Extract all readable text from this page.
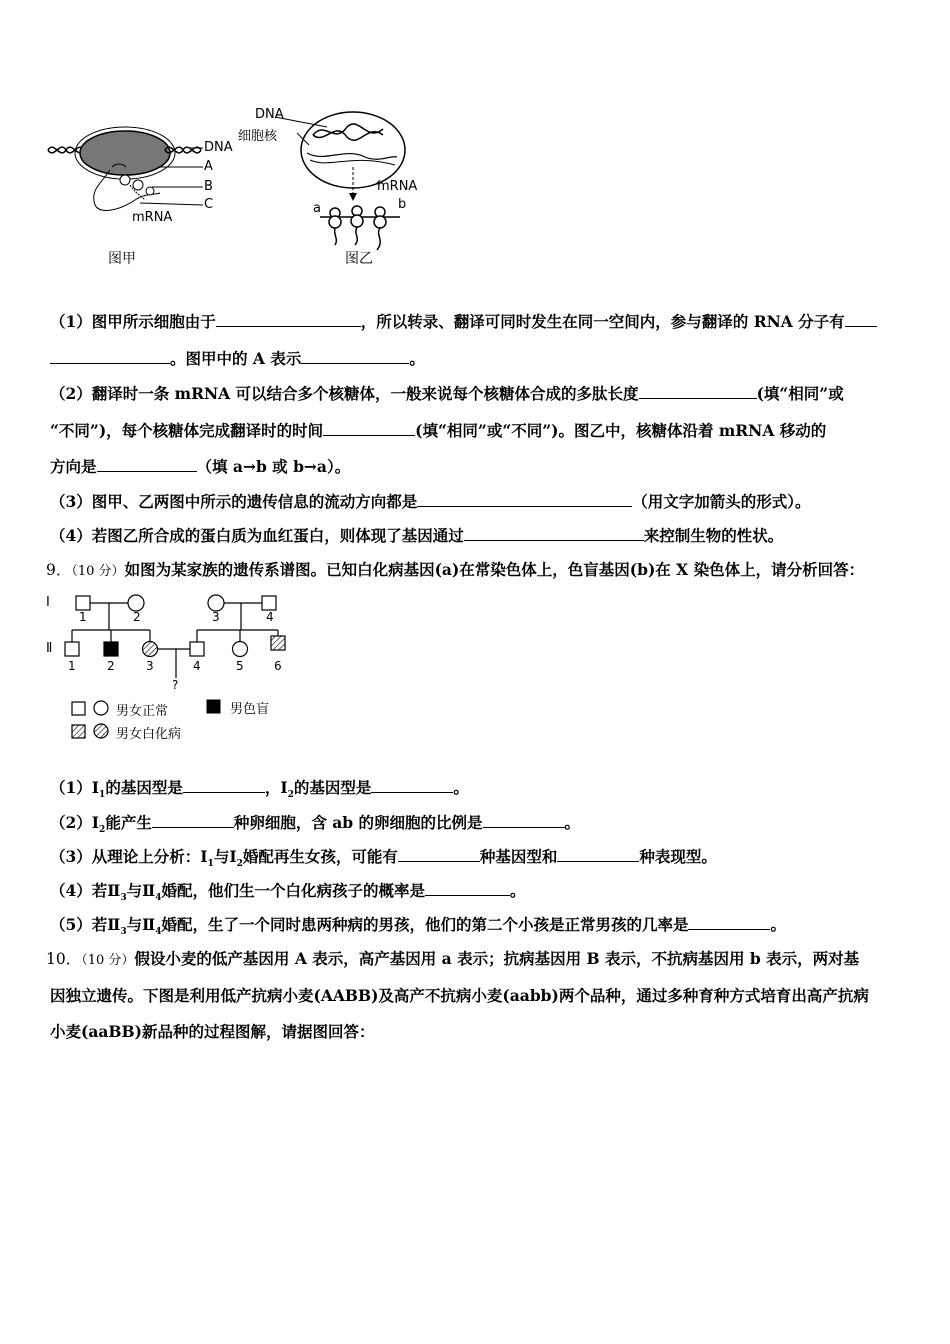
DNA
A
B
C
mRNA
图甲
DNA
细胞核
mRNA
a	b
图乙
（1）图甲所示细胞由于	，所以转录、翻译可同时发生在同一空间内，参与翻译的 RNA 分子有
。图甲中的 A 表示	。
（2）翻译时一条 mRNA 可以结合多个核糖体，一般来说每个核糖体合成的多肽长度	(填“相同”或
“不同”)，每个核糖体完成翻译时的时间	(填“相同”或“不同”)。图乙中，核糖体沿着 mRNA 移动的
方向是	（填 a→b 或 b→a）。
（3）图甲、乙两图中所示的遗传信息的流动方向都是	（用文字加箭头的形式）。
（4）若图乙所合成的蛋白质为血红蛋白，则体现了基因通过	来控制生物的性状。
9．（10 分）如图为某家族的遗传系谱图。已知白化病基因(a)在常染色体上，色盲基因(b)在 X 染色体上，请分析回答：
Ⅰ
Ⅱ
1	2	3	4
1	2	3	4	5	6
?
男女正常	男色盲
男女白化病
$(1)Ⅰ_1$的基因型是	，$Ⅰ_2$的基因型是	。
$(2)Ⅰ_2$能产生	种卵细胞，含 ab 的卵细胞的比例是	。
（3）从理论上分析：$Ⅰ_1$与$Ⅰ_2$婚配再生女孩，可能有	种基因型和	种表现型。
（4）若$Ⅱ_3$与$Ⅱ_4$婚配，他们生一个白化病孩子的概率是	。
（5）若$Ⅱ_3$与$Ⅱ_4$婚配，生了一个同时患两种病的男孩，他们的第二个小孩是正常男孩的几率是	。
10．（10 分）假设小麦的低产基因用 A 表示，高产基因用 a 表示；抗病基因用 B 表示，不抗病基因用 b 表示，两对基
因独立遗传。下图是利用低产抗病小麦(AABB)及高产不抗病小麦(aabb)两个品种，通过多种育种方式培育出高产抗病
小麦(aaBB)新品种的过程图解，请据图回答：
